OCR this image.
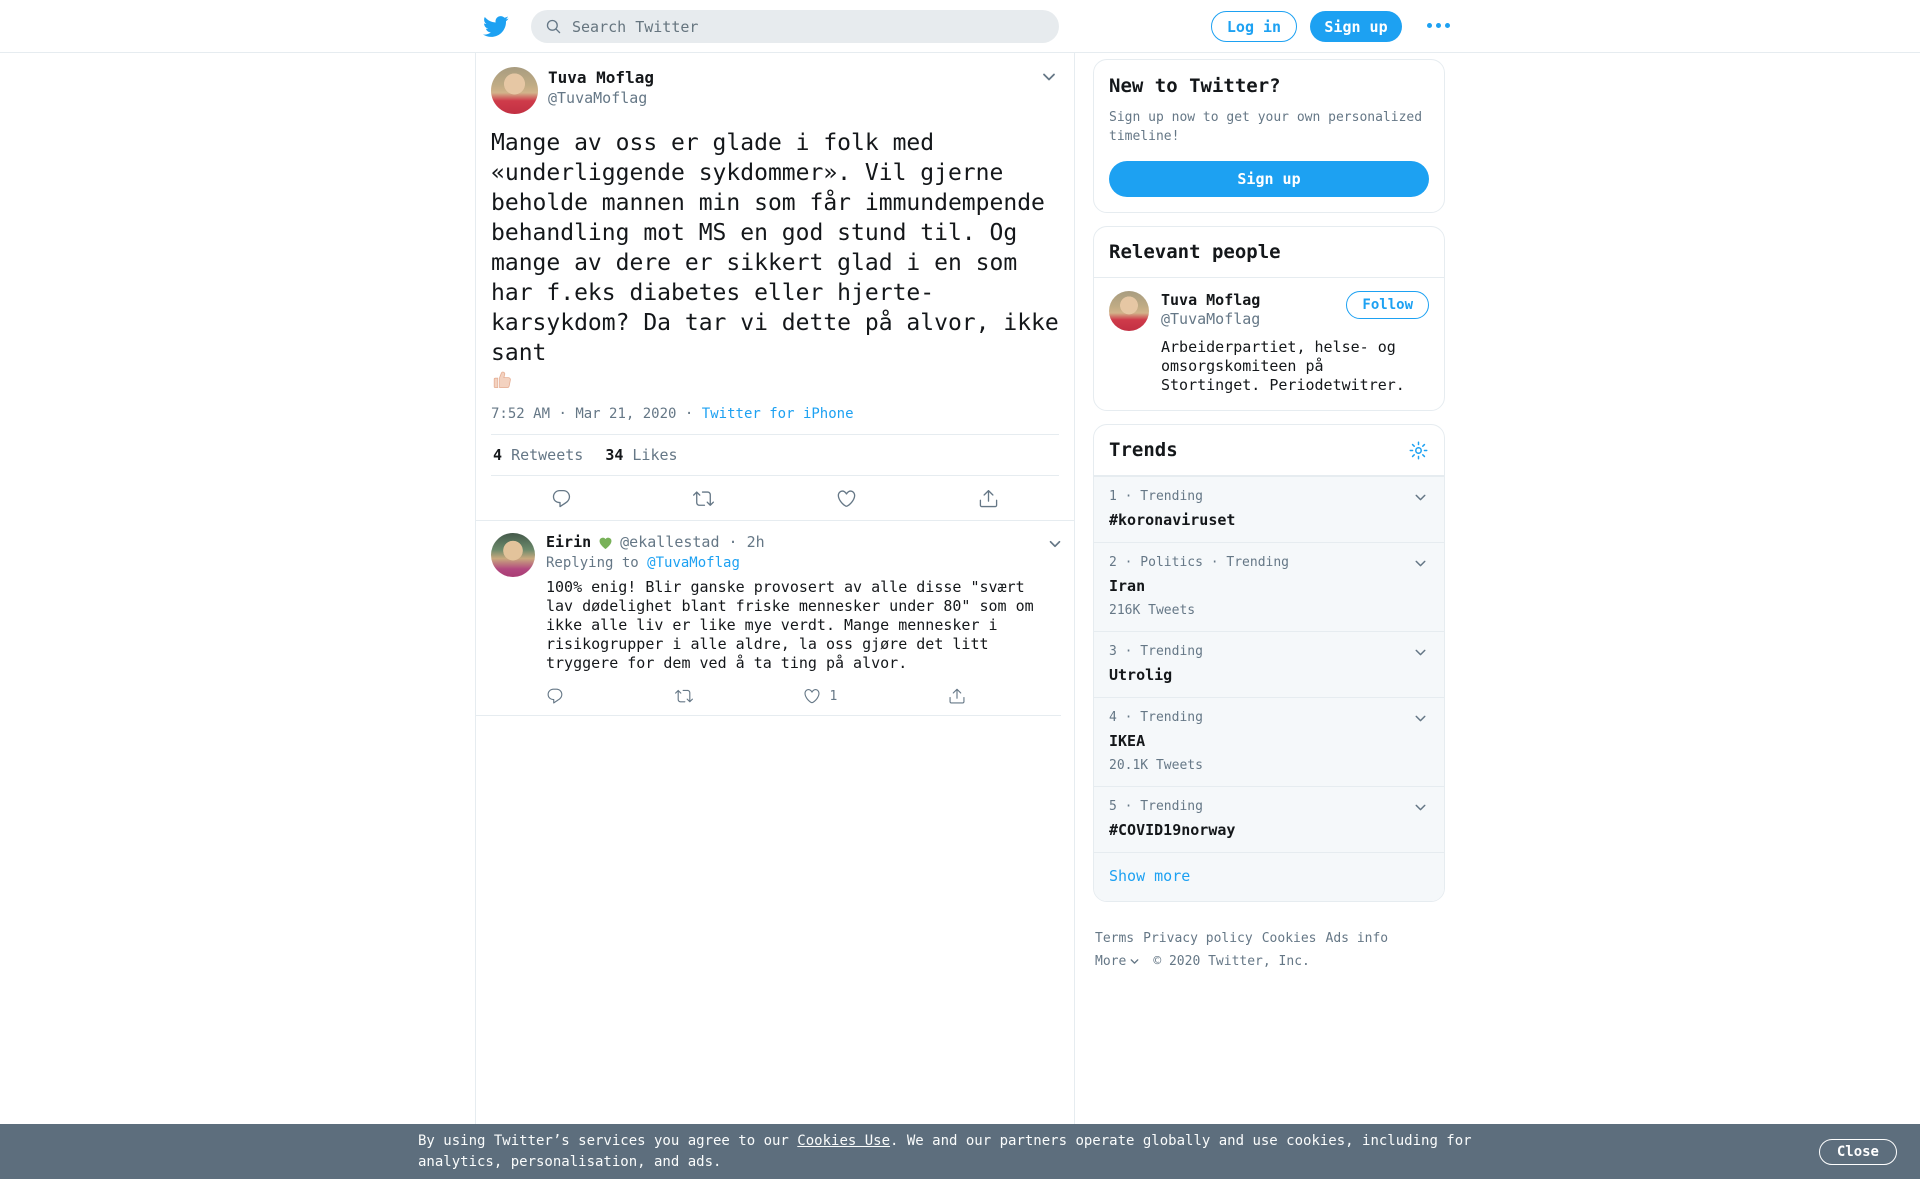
Search Twitter
Log in	Sign up
Tuva Moflag
@TuvaMoflag
Mange av oss er glade i folk med «underliggende sykdommer». Vil gjerne beholde mannen min som får immundempende behandling mot MS en god stund til. Og mange av dere er sikkert glad i en som har f.eks diabetes eller hjerte-karsykdom? Da tar vi dette på alvor, ikke sant
7:52 AM · Mar 21, 2020 · Twitter for iPhone
4 Retweets 34 Likes
Eirin @ekallestad · 2h
Replying to @TuvaMoflag
100% enig! Blir ganske provosert av alle disse "svært lav dødelighet blant friske mennesker under 80" som om ikke alle liv er like mye verdt. Mange mennesker i risikogrupper i alle aldre, la oss gjøre det litt tryggere for dem ved å ta ting på alvor.
1
New to Twitter?
Sign up now to get your own personalized timeline!
Sign up
Relevant people
Tuva Moflag
@TuvaMoflag
Follow
Arbeiderpartiet, helse- og omsorgskomiteen på Stortinget. Periodetwitrer.
Trends
1 · Trending
#koronaviruset
2 · Politics · Trending
Iran
216K Tweets
3 · Trending
Utrolig
4 · Trending
IKEA
20.1K Tweets
5 · Trending
#COVID19norway
Show more
Terms Privacy policy Cookies Ads info
More © 2020 Twitter, Inc.
By using Twitter’s services you agree to our Cookies Use. We and our partners operate globally and use cookies, including for analytics, personalisation, and ads.
Close
